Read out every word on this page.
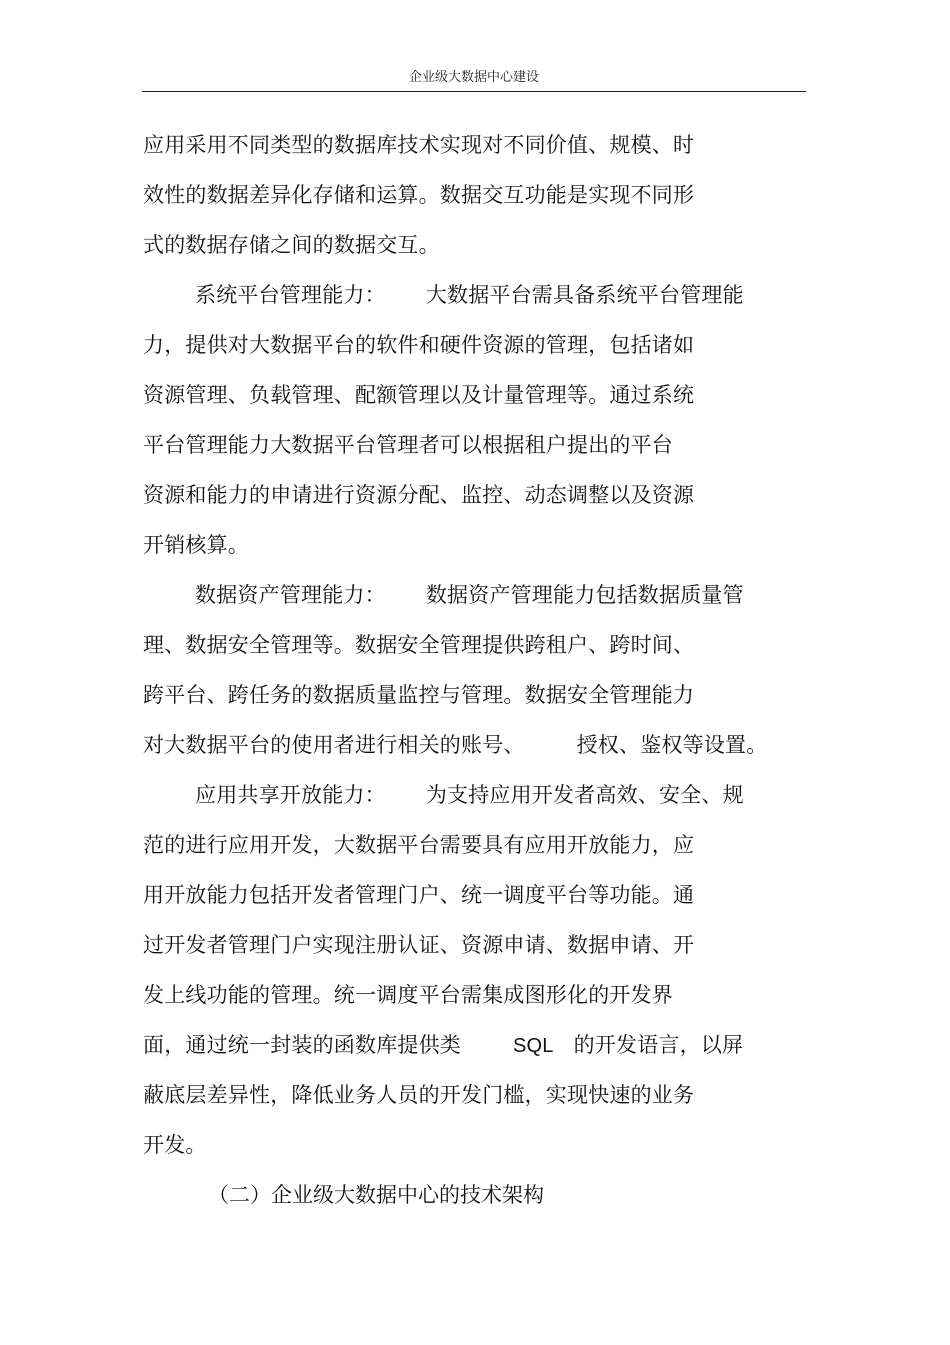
企业级大数据中心建设
应用采用不同类型的数据库技术实现对不同价值、规模、时
效性的数据差异化存储和运算。数据交互功能是实现不同形
式的数据存储之间的数据交互。
系统平台管理能力： 大数据平台需具备系统平台管理能
力，提供对大数据平台的软件和硬件资源的管理，包括诸如
资源管理、负载管理、配额管理以及计量管理等。通过系统
平台管理能力大数据平台管理者可以根据租户提出的平台
资源和能力的申请进行资源分配、监控、动态调整以及资源
开销核算。
数据资产管理能力： 数据资产管理能力包括数据质量管
理、数据安全管理等。数据安全管理提供跨租户、跨时间、
跨平台、跨任务的数据质量监控与管理。数据安全管理能力
对大数据平台的使用者进行相关的账号、 授权、鉴权等设置。
应用共享开放能力： 为支持应用开发者高效、安全、规
范的进行应用开发，大数据平台需要具有应用开放能力，应
用开放能力包括开发者管理门户、统一调度平台等功能。通
过开发者管理门户实现注册认证、资源申请、数据申请、开
发上线功能的管理。统一调度平台需集成图形化的开发界
面，通过统一封装的函数库提供类	SQL 的开发语言，以屏
蔽底层差异性，降低业务人员的开发门槛，实现快速的业务
开发。
（二）企业级大数据中心的技术架构
